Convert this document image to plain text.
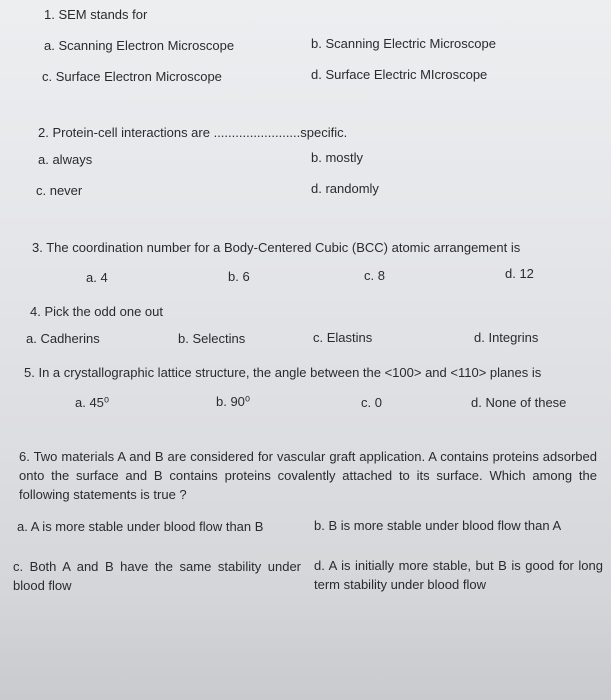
1. SEM stands for
a. Scanning Electron Microscope	b. Scanning Electric Microscope
c. Surface Electron Microscope	d. Surface Electric MIcroscope
2. Protein-cell interactions are ........................specific.
a. always	b. mostly
c. never	d. randomly
3. The coordination number for a Body-Centered Cubic (BCC) atomic arrangement is
a. 4	b. 6	c. 8	d. 12
4. Pick the odd one out
a. Cadherins	b. Selectins	c. Elastins	d. Integrins
5. In a crystallographic lattice structure, the angle between the <100> and <110> planes is
a. 45⁰	b. 90⁰	c. 0	d. None of these
6. Two materials A and B are considered for vascular graft application. A contains proteins adsorbed onto the surface and B contains proteins covalently attached to its surface. Which among the following statements is true ?
a. A is more stable under blood flow than B	b. B is more stable under blood flow than A
c. Both A and B have the same stability under blood flow
d. A is initially more stable, but B is good for long term stability under blood flow
